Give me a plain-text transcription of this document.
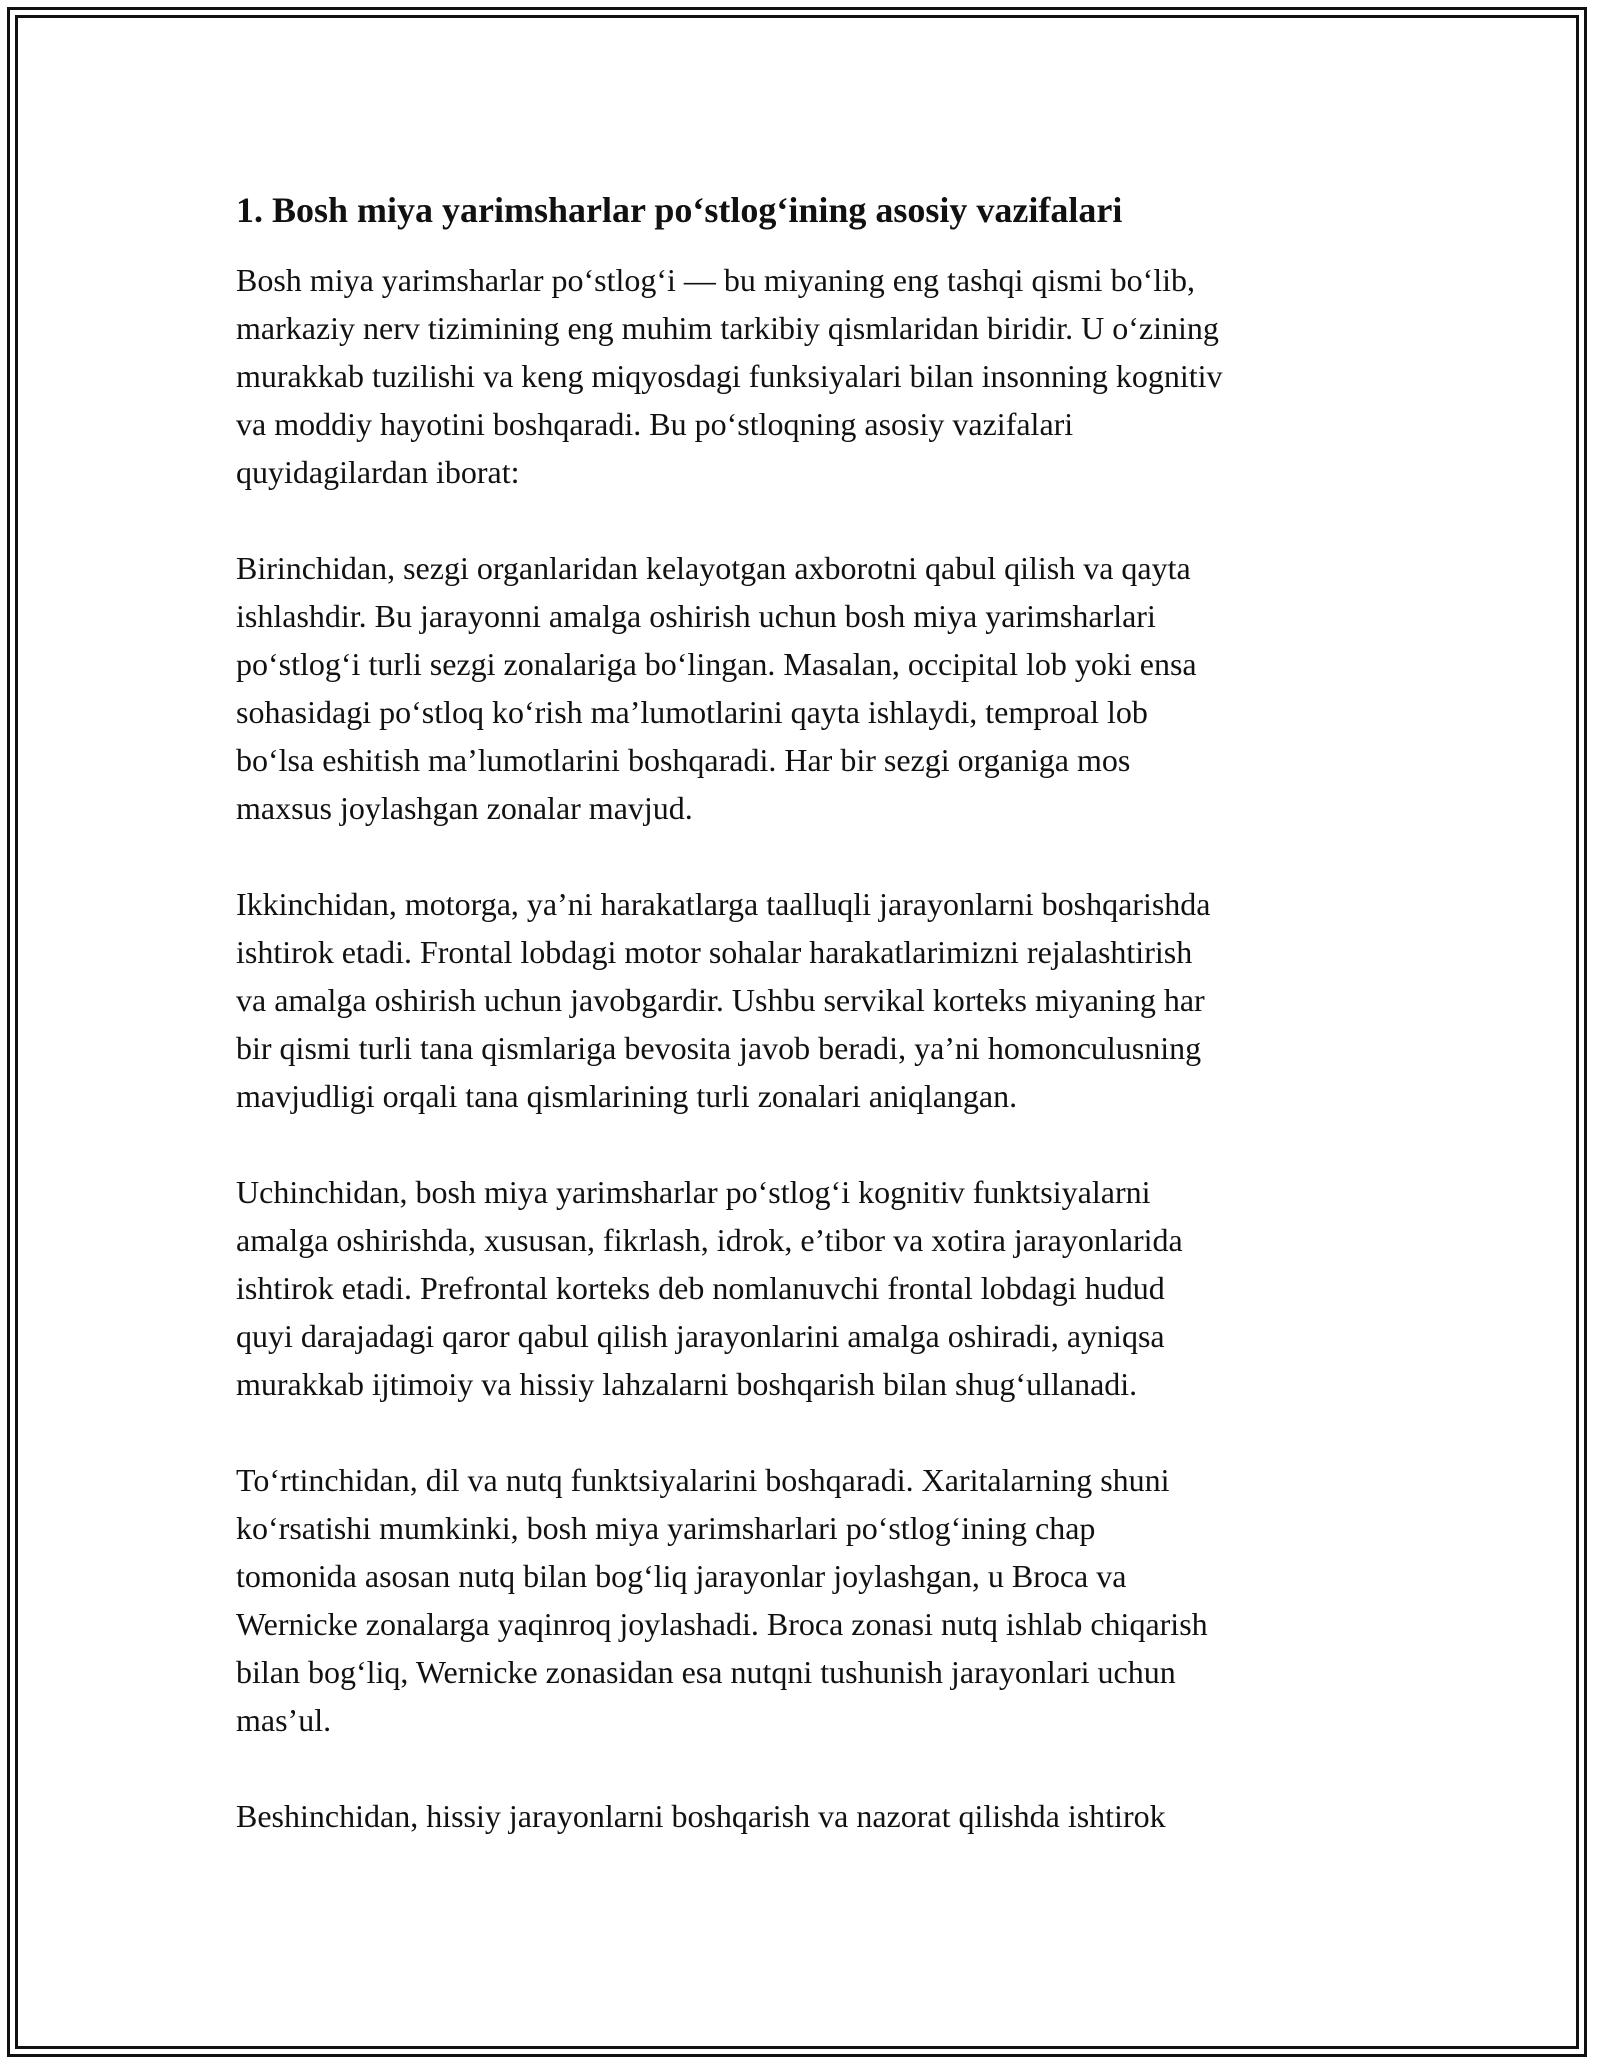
1. Bosh miya yarimsharlar po‘stlog‘ining asosiy vazifalari

Bosh miya yarimsharlar po‘stlog‘i — bu miyaning eng tashqi qismi bo‘lib,
markaziy nerv tizimining eng muhim tarkibiy qismlaridan biridir. U o‘zining
murakkab tuzilishi va keng miqyosdagi funksiyalari bilan insonning kognitiv
va moddiy hayotini boshqaradi. Bu po‘stloqning asosiy vazifalari
quyidagilardan iborat:

Birinchidan, sezgi organlaridan kelayotgan axborotni qabul qilish va qayta
ishlashdir. Bu jarayonni amalga oshirish uchun bosh miya yarimsharlari
po‘stlog‘i turli sezgi zonalariga bo‘lingan. Masalan, occipital lob yoki ensa
sohasidagi po‘stloq ko‘rish ma’lumotlarini qayta ishlaydi, temproal lob
bo‘lsa eshitish ma’lumotlarini boshqaradi. Har bir sezgi organiga mos
maxsus joylashgan zonalar mavjud.

Ikkinchidan, motorga, ya’ni harakatlarga taalluqli jarayonlarni boshqarishda
ishtirok etadi. Frontal lobdagi motor sohalar harakatlarimizni rejalashtirish
va amalga oshirish uchun javobgardir. Ushbu servikal korteks miyaning har
bir qismi turli tana qismlariga bevosita javob beradi, ya’ni homonculusning
mavjudligi orqali tana qismlarining turli zonalari aniqlangan.

Uchinchidan, bosh miya yarimsharlar po‘stlog‘i kognitiv funktsiyalarni
amalga oshirishda, xususan, fikrlash, idrok, e’tibor va xotira jarayonlarida
ishtirok etadi. Prefrontal korteks deb nomlanuvchi frontal lobdagi hudud
quyi darajadagi qaror qabul qilish jarayonlarini amalga oshiradi, ayniqsa
murakkab ijtimoiy va hissiy lahzalarni boshqarish bilan shug‘ullanadi.

To‘rtinchidan, dil va nutq funktsiyalarini boshqaradi. Xaritalarning shuni
ko‘rsatishi mumkinki, bosh miya yarimsharlari po‘stlog‘ining chap
tomonida asosan nutq bilan bog‘liq jarayonlar joylashgan, u Broca va
Wernicke zonalarga yaqinroq joylashadi. Broca zonasi nutq ishlab chiqarish
bilan bog‘liq, Wernicke zonasidan esa nutqni tushunish jarayonlari uchun
mas’ul.

Beshinchidan, hissiy jarayonlarni boshqarish va nazorat qilishda ishtirok
